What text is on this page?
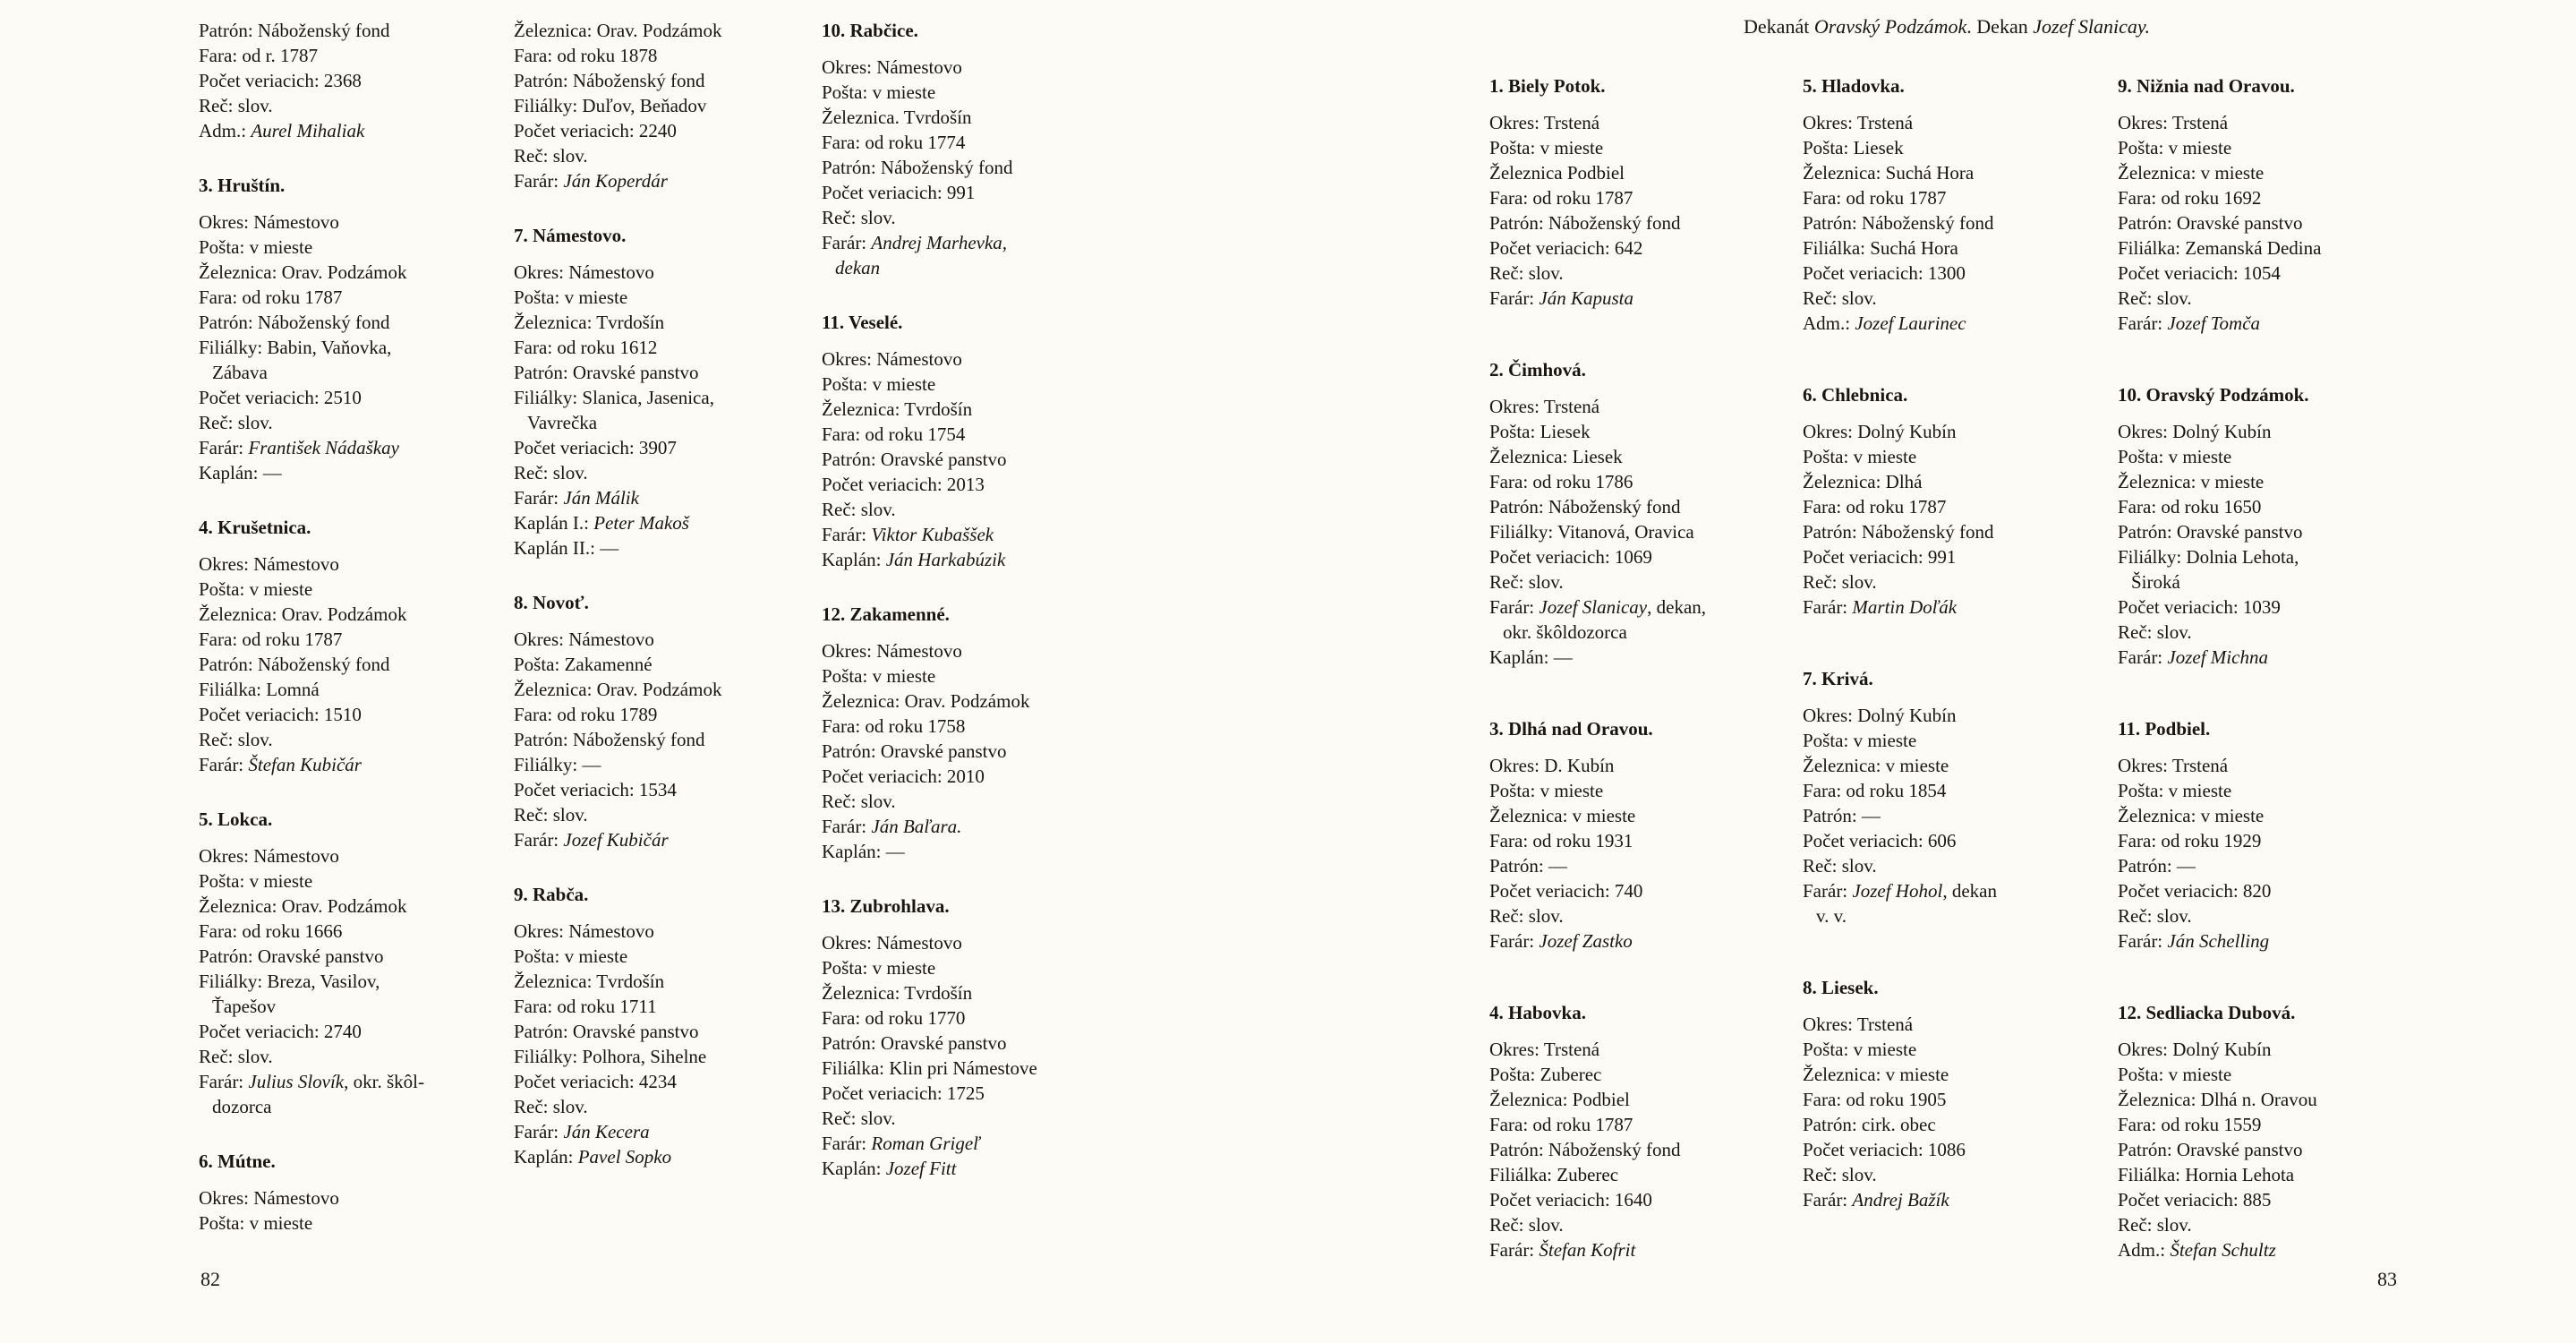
Patrón: Náboženský fond
Fara: od r. 1787
Počet veriacich: 2368
Reč: slov.
Adm.: Aurel Mihaliak
3. Hruštín.
Okres: Námestovo
Pošta: v mieste
Železnica: Orav. Podzámok
Fara: od roku 1787
Patrón: Náboženský fond
Filiálky: Babin, Vaňovka,
Zábava
Počet veriacich: 2510
Reč: slov.
Farár: František Nádaškay
Kaplán: —
4. Krušetnica.
Okres: Námestovo
Pošta: v mieste
Železnica: Orav. Podzámok
Fara: od roku 1787
Patrón: Náboženský fond
Filiálka: Lomná
Počet veriacich: 1510
Reč: slov.
Farár: Štefan Kubičár
5. Lokca.
Okres: Námestovo
Pošta: v mieste
Železnica: Orav. Podzámok
Fara: od roku 1666
Patrón: Oravské panstvo
Filiálky: Breza, Vasilov,
Ťapešov
Počet veriacich: 2740
Reč: slov.
Farár: Julius Slovík, okr. škôl-
dozorca
6. Mútne.
Okres: Námestovo
Pošta: v mieste
Železnica: Orav. Podzámok
Fara: od roku 1878
Patrón: Náboženský fond
Filiálky: Duľov, Beňadov
Počet veriacich: 2240
Reč: slov.
Farár: Ján Koperdár
7. Námestovo.
Okres: Námestovo
Pošta: v mieste
Železnica: Tvrdošín
Fara: od roku 1612
Patrón: Oravské panstvo
Filiálky: Slanica, Jasenica,
Vavrečka
Počet veriacich: 3907
Reč: slov.
Farár: Ján Málik
Kaplán I.: Peter Makoš
Kaplán II.: —
8. Novoť.
Okres: Námestovo
Pošta: Zakamenné
Železnica: Orav. Podzámok
Fara: od roku 1789
Patrón: Náboženský fond
Filiálky: —
Počet veriacich: 1534
Reč: slov.
Farár: Jozef Kubičár
9. Rabča.
Okres: Námestovo
Pošta: v mieste
Železnica: Tvrdošín
Fara: od roku 1711
Patrón: Oravské panstvo
Filiálky: Polhora, Sihelne
Počet veriacich: 4234
Reč: slov.
Farár: Ján Kecera
Kaplán: Pavel Sopko
10. Rabčice.
Okres: Námestovo
Pošta: v mieste
Železnica. Tvrdošín
Fara: od roku 1774
Patrón: Náboženský fond
Počet veriacich: 991
Reč: slov.
Farár: Andrej Marhevka,
dekan
11. Veselé.
Okres: Námestovo
Pošta: v mieste
Železnica: Tvrdošín
Fara: od roku 1754
Patrón: Oravské panstvo
Počet veriacich: 2013
Reč: slov.
Farár: Viktor Kubaššek
Kaplán: Ján Harkabúzik
12. Zakamenné.
Okres: Námestovo
Pošta: v mieste
Železnica: Orav. Podzámok
Fara: od roku 1758
Patrón: Oravské panstvo
Počet veriacich: 2010
Reč: slov.
Farár: Ján Baľara.
Kaplán: —
13. Zubrohlava.
Okres: Námestovo
Pošta: v mieste
Železnica: Tvrdošín
Fara: od roku 1770
Patrón: Oravské panstvo
Filiálka: Klin pri Námestove
Počet veriacich: 1725
Reč: slov.
Farár: Roman Grigeľ
Kaplán: Jozef Fitt
82
Dekanát Oravský Podzámok. Dekan Jozef Slanicay.
1. Biely Potok.
Okres: Trstená
Pošta: v mieste
Železnica Podbiel
Fara: od roku 1787
Patrón: Náboženský fond
Počet veriacich: 642
Reč: slov.
Farár: Ján Kapusta
2. Čimhová.
Okres: Trstená
Pošta: Liesek
Železnica: Liesek
Fara: od roku 1786
Patrón: Náboženský fond
Filiálky: Vitanová, Oravica
Počet veriacich: 1069
Reč: slov.
Farár: Jozef Slanicay, dekan,
okr. škôldozorca
Kaplán: —
3. Dlhá nad Oravou.
Okres: D. Kubín
Pošta: v mieste
Železnica: v mieste
Fara: od roku 1931
Patrón: —
Počet veriacich: 740
Reč: slov.
Farár: Jozef Zastko
4. Habovka.
Okres: Trstená
Pošta: Zuberec
Železnica: Podbiel
Fara: od roku 1787
Patrón: Náboženský fond
Filiálka: Zuberec
Počet veriacich: 1640
Reč: slov.
Farár: Štefan Kofrit
5. Hladovka.
Okres: Trstená
Pošta: Liesek
Železnica: Suchá Hora
Fara: od roku 1787
Patrón: Náboženský fond
Filiálka: Suchá Hora
Počet veriacich: 1300
Reč: slov.
Adm.: Jozef Laurinec
6. Chlebnica.
Okres: Dolný Kubín
Pošta: v mieste
Železnica: Dlhá
Fara: od roku 1787
Patrón: Náboženský fond
Počet veriacich: 991
Reč: slov.
Farár: Martin Doľák
7. Krivá.
Okres: Dolný Kubín
Pošta: v mieste
Železnica: v mieste
Fara: od roku 1854
Patrón: —
Počet veriacich: 606
Reč: slov.
Farár: Jozef Hohol, dekan
v. v.
8. Liesek.
Okres: Trstená
Pošta: v mieste
Železnica: v mieste
Fara: od roku 1905
Patrón: cirk. obec
Počet veriacich: 1086
Reč: slov.
Farár: Andrej Bažík
9. Nižnia nad Oravou.
Okres: Trstená
Pošta: v mieste
Železnica: v mieste
Fara: od roku 1692
Patrón: Oravské panstvo
Filiálka: Zemanská Dedina
Počet veriacich: 1054
Reč: slov.
Farár: Jozef Tomča
10. Oravský Podzámok.
Okres: Dolný Kubín
Pošta: v mieste
Železnica: v mieste
Fara: od roku 1650
Patrón: Oravské panstvo
Filiálky: Dolnia Lehota,
Široká
Počet veriacich: 1039
Reč: slov.
Farár: Jozef Michna
11. Podbiel.
Okres: Trstená
Pošta: v mieste
Železnica: v mieste
Fara: od roku 1929
Patrón: —
Počet veriacich: 820
Reč: slov.
Farár: Ján Schelling
12. Sedliacka Dubová.
Okres: Dolný Kubín
Pošta: v mieste
Železnica: Dlhá n. Oravou
Fara: od roku 1559
Patrón: Oravské panstvo
Filiálka: Hornia Lehota
Počet veriacich: 885
Reč: slov.
Adm.: Štefan Schultz
83
